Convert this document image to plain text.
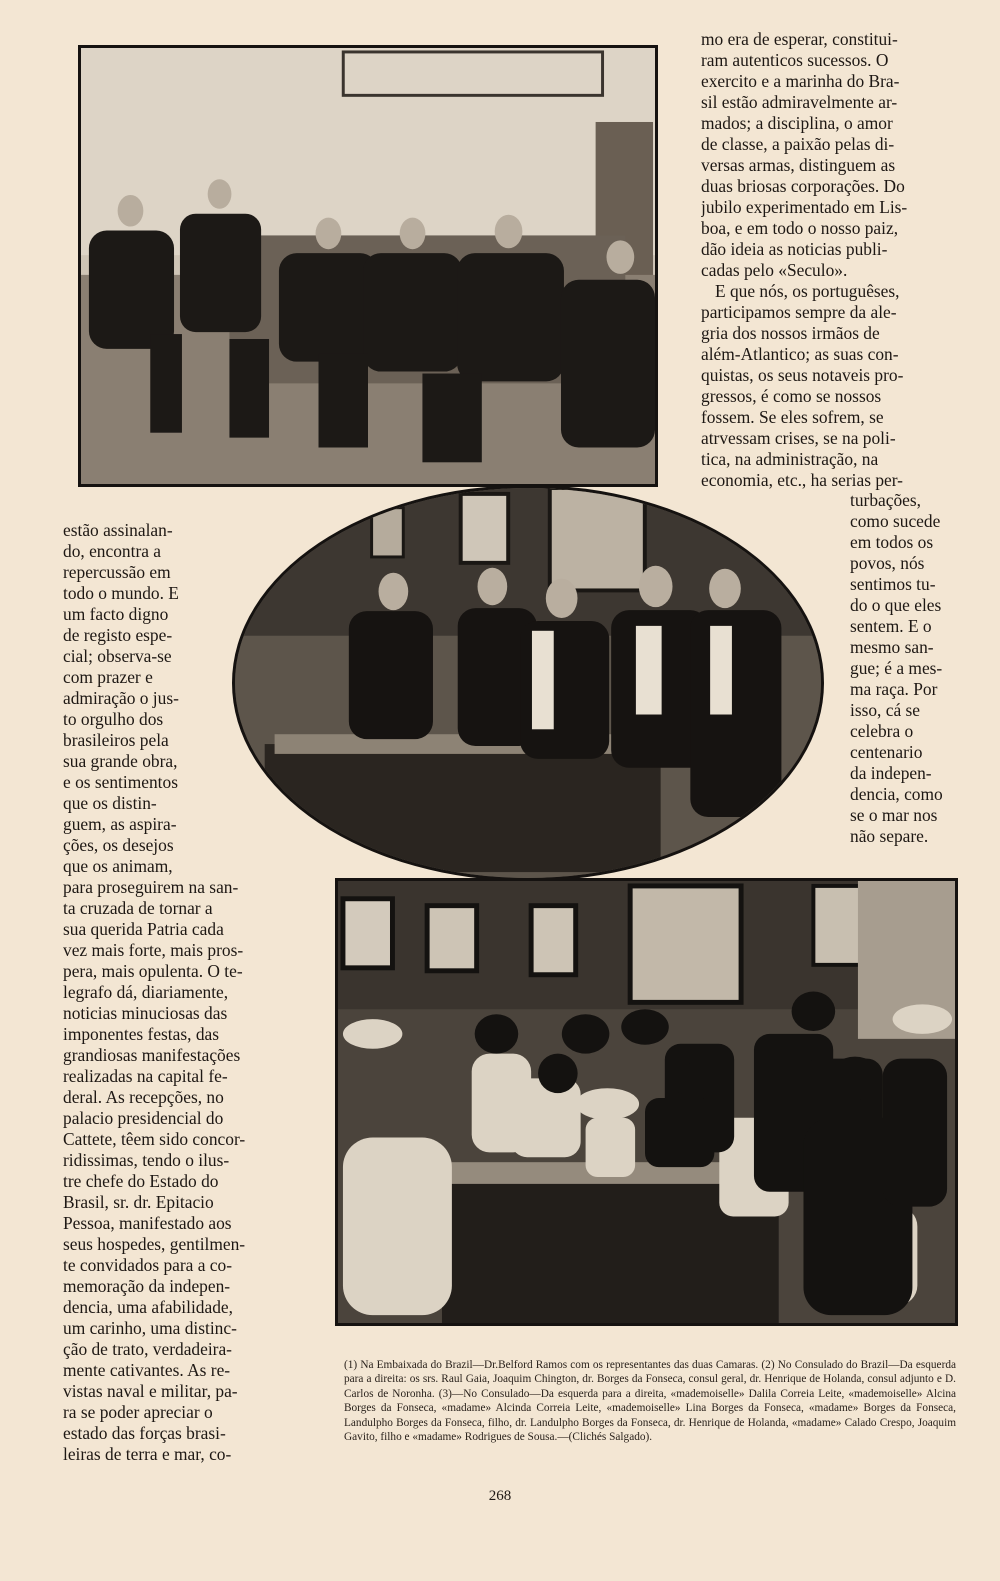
mo era de esperar, constitui-
ram autenticos sucessos. O
exercito e a marinha do Bra-
sil estão admiravelmente ar-
mados; a disciplina, o amor
de classe, a paixão pelas di-
versas armas, distinguem as
duas briosas corporações. Do
jubilo experimentado em Lis-
boa, e em todo o nosso paiz,
dão ideia as noticias publi-
cadas pelo «Seculo».
E que nós, os portuguêses,
participamos sempre da ale-
gria dos nossos irmãos de
além-Atlantico; as suas con-
quistas, os seus notaveis pro-
gressos, é como se nossos
fossem. Se eles sofrem, se
atrvessam crises, se na poli-
tica, na administração, na
economia, etc., ha serias per-
estão assinalan-
do, encontra a
repercussão em
todo o mundo. E
um facto digno
de registo espe-
cial; observa-se
com prazer e
admiração o jus-
to orgulho dos
brasileiros pela
sua grande obra,
e os sentimentos
que os distin-
guem, as aspira-
ções, os desejos
que os animam,
turbações,
como sucede
em todos os
povos, nós
sentimos tu-
do o que eles
sentem. E o
mesmo san-
gue; é a mes-
ma raça. Por
isso, cá se
celebra o
centenario
da indepen-
dencia, como
se o mar nos
não separe.
para proseguirem na san-
ta cruzada de tornar a
sua querida Patria cada
vez mais forte, mais pros-
pera, mais opulenta. O te-
legrafo dá, diariamente,
noticias minuciosas das
imponentes festas, das
grandiosas manifestações
realizadas na capital fe-
deral. As recepções, no
palacio presidencial do
Cattete, têem sido concor-
ridissimas, tendo o ilus-
tre chefe do Estado do
Brasil, sr. dr. Epitacio
Pessoa, manifestado aos
seus hospedes, gentilmen-
te convidados para a co-
memoração da indepen-
dencia, uma afabilidade,
um carinho, uma distinc-
ção de trato, verdadeira-
mente cativantes. As re-
vistas naval e militar, pa-
ra se poder apreciar o
estado das forças brasi-
leiras de terra e mar, co-
(1) Na Embaixada do Brazil—Dr.Belford Ramos com os representantes das duas Camaras. (2) No Consulado do Brazil—Da esquerda para a direita: os srs. Raul Gaia, Joaquim Chington, dr. Borges da Fonseca, consul geral, dr. Henrique de Holanda, consul adjunto e D. Carlos de Noronha. (3)—No Consulado—Da esquerda para a direita, «mademoiselle» Dalila Correia Leite, «mademoiselle» Alcina Borges da Fonseca, «madame» Alcinda Correia Leite, «mademoiselle» Lina Borges da Fonseca, «madame» Borges da Fonseca, Landulpho Borges da Fonseca, filho, dr. Landulpho Borges da Fonseca, dr. Henrique de Holanda, «madame» Calado Crespo, Joaquim Gavito, filho e «madame» Rodrigues de Sousa.—(Clichés Salgado).
268
